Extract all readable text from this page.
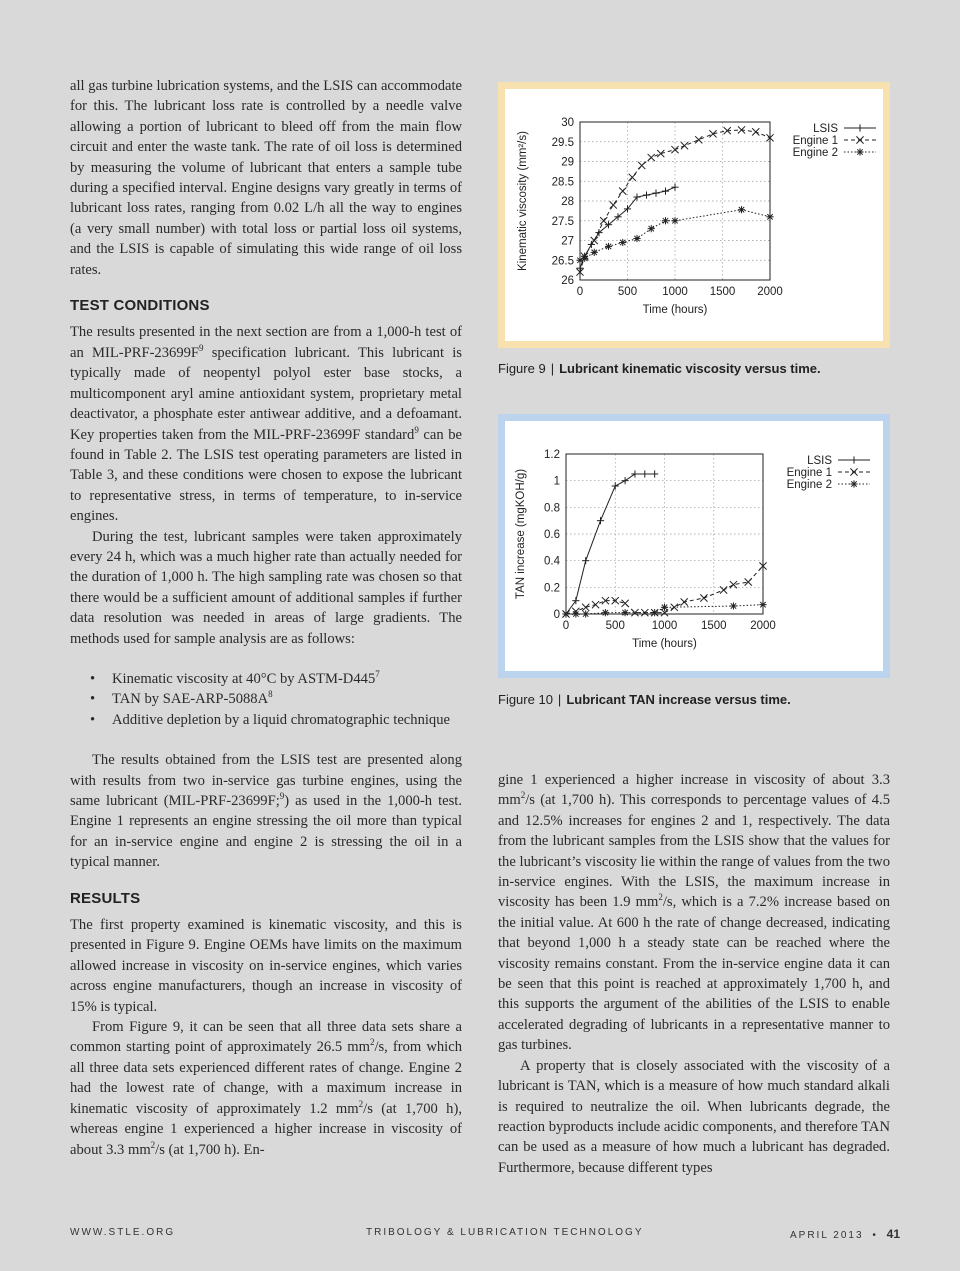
all gas turbine lubrication systems, and the LSIS can accommodate for this. The lubricant loss rate is controlled by a needle valve allowing a portion of lubricant to bleed off from the main flow circuit and enter the waste tank. The rate of oil loss is determined by measuring the volume of lubricant that enters a sample tube during a specified interval. Engine designs vary greatly in terms of lubricant loss rates, ranging from 0.02 L/h all the way to engines (a very small number) with total loss or partial loss oil systems, and the LSIS is capable of simulating this wide range of oil loss rates.

TEST CONDITIONS

The results presented in the next section are from a 1,000-h test of an MIL-$PRF-23699F^9$ specification lubricant. This lubricant is typically made of neopentyl polyol ester base stocks, a multicomponent aryl amine antioxidant system, proprietary metal deactivator, a phosphate ester antiwear additive, and a defoamant. Key properties taken from the MIL-PRF-23699F standard$^9$ can be found in Table 2. The LSIS test operating parameters are listed in Table 3, and these conditions were chosen to expose the lubricant to representative stress, in terms of temperature, to in-service engines.

During the test, lubricant samples were taken approximately every 24 h, which was a much higher rate than actually needed for the duration of 1,000 h. The high sampling rate was chosen so that there would be a sufficient amount of additional samples if further data resolution was needed in areas of large gradients. The methods used for sample analysis are as follows:

• Kinematic viscosity at 40°C by ASTM-$D445^7$
• TAN by SAE-$ARP-5088A^8$
• Additive depletion by a liquid chromatographic technique

The results obtained from the LSIS test are presented along with results from two in-service gas turbine engines, using the same lubricant (MIL-PRF-23699F;$^9$) as used in the 1,000-h test. Engine 1 represents an engine stressing the oil more than typical for an in-service engine and engine 2 is stressing the oil in a typical manner.

RESULTS

The first property examined is kinematic viscosity, and this is presented in Figure 9. Engine OEMs have limits on the maximum allowed increase in viscosity on in-service engines, which varies across engine manufacturers, though an increase in viscosity of 15% is typical.

From Figure 9, it can be seen that all three data sets share a common starting point of approximately 26.5 $mm^2/s$, from which all three data sets experienced different rates of change. Engine 2 had the lowest rate of change, with a maximum increase in kinematic viscosity of approximately 1.2 $mm^2/s$ (at 1,700 h), whereas engine 1 experienced a higher increase in viscosity of about 3.3 $mm^2/s$ (at 1,700 h). En-

0	500 1000 1500 2000
26
26.5
27
27.5
28
28.5
29
29.5
30
Time (hours)
Kinematic viscosity (mm²/s)
LSIS
Engine 1
Engine 2
Figure 9 | Lubricant kinematic viscosity versus time.
0	500 1000 1500 2000
0
0.2
0.4
0.6
0.8
1
1.2
Time (hours)
TAN increase (mgKOH/g)
LSIS
Engine 1
Engine 2
Figure 10 | Lubricant TAN increase versus time.

gine 1 experienced a higher increase in viscosity of about 3.3 $mm^2/s$ (at 1,700 h). This corresponds to percentage values of 4.5 and 12.5% increases for engines 2 and 1, respectively. The data from the lubricant samples from the LSIS show that the values for the lubricant’s viscosity lie within the range of values from the two in-service engines. With the LSIS, the maximum increase in viscosity has been 1.9 $mm^2/s$, which is a 7.2% increase based on the initial value. At 600 h the rate of change decreased, indicating that beyond 1,000 h a steady state can be reached where the viscosity remains constant. From the in-service engine data it can be seen that this point is reached at approximately 1,700 h, and this supports the argument of the abilities of the LSIS to enable accelerated degrading of lubricants in a representative manner to gas turbines.

A property that is closely associated with the viscosity of a lubricant is TAN, which is a measure of how much standard alkali is required to neutralize the oil. When lubricants degrade, the reaction byproducts include acidic components, and therefore TAN can be used as a measure of how much a lubricant has degraded. Furthermore, because different types

WWW.STLE.ORG	TRIBOLOGY & LUBRICATION TECHNOLOGY	APRIL 2013 • 41
